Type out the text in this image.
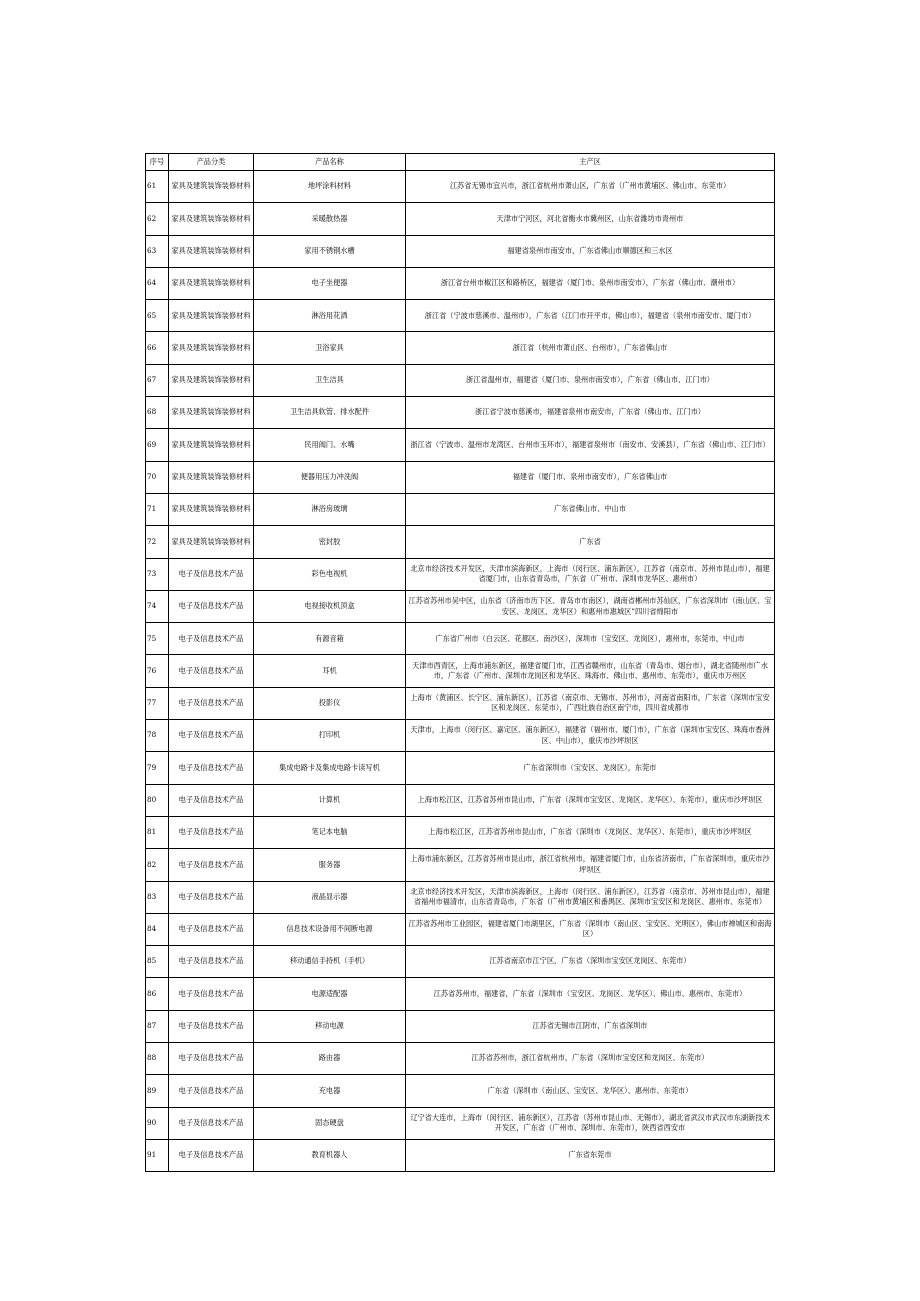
序号	产品分类	产品名称	主产区
61	家具及建筑装饰装修材料	地坪涂料材料	江苏省无锡市宜兴市，浙江省杭州市萧山区，广东省（广州市黄埔区、佛山市、东莞市）
62	家具及建筑装饰装修材料	采暖散热器	天津市宁河区，河北省衡水市冀州区，山东省潍坊市青州市
63	家具及建筑装饰装修材料	家用不锈钢水槽	福建省泉州市南安市，广东省佛山市顺德区和三水区
64	家具及建筑装饰装修材料	电子坐便器	浙江省台州市椒江区和路桥区，福建省（厦门市、泉州市南安市），广东省（佛山市、潮州市）
65	家具及建筑装饰装修材料	淋浴用花洒	浙江省（宁波市慈溪市、温州市），广东省（江门市开平市、佛山市），福建省（泉州市南安市、厦门市）
66	家具及建筑装饰装修材料	卫浴家具	浙江省（杭州市萧山区、台州市），广东省佛山市
67	家具及建筑装饰装修材料	卫生洁具	浙江省温州市，福建省（厦门市、泉州市南安市），广东省（佛山市、江门市）
68	家具及建筑装饰装修材料	卫生洁具软管、排水配件	浙江省宁波市慈溪市，福建省泉州市南安市，广东省（佛山市、江门市）
69	家具及建筑装饰装修材料	民用阀门、水嘴	浙江省（宁波市、温州市龙湾区、台州市玉环市），福建省泉州市（南安市、安溪县），广东省（佛山市、江门市）
70	家具及建筑装饰装修材料	便器用压力冲洗阀	福建省（厦门市、泉州市南安市），广东省佛山市
71	家具及建筑装饰装修材料	淋浴房玻璃	广东省佛山市、中山市
72	家具及建筑装饰装修材料	密封胶	广东省
73	电子及信息技术产品	彩色电视机	北京市经济技术开发区，天津市滨海新区，上海市（闵行区、浦东新区），江苏省（南京市、苏州市昆山市），福建省厦门市，山东省青岛市，广东省（广州市、深圳市龙华区、惠州市）
74	电子及信息技术产品	电视接收机顶盒	江苏省苏州市吴中区，山东省（济南市历下区、青岛市市南区），湖南省郴州市苏仙区，广东省深圳市（南山区、宝安区、龙岗区、龙华区）和惠州市惠城区”四川省绵阳市
75	电子及信息技术产品	有源音箱	广东省广州市（白云区、花都区、南沙区），深圳市（宝安区、龙岗区），惠州市，东莞市，中山市
76	电子及信息技术产品	耳机	天津市西青区，上海市浦东新区，福建省厦门市，江西省赣州市，山东省（青岛市、烟台市），湖北省随州市广水市，广东省（广州市、深圳市龙岗区和龙华区、珠海市、佛山市、惠州市、东莞市），重庆市万州区
77	电子及信息技术产品	投影仪	上海市（黄浦区、长宁区、浦东新区），江苏省（南京市、无锡市、苏州市），河南省南阳市，广东省（深圳市宝安区和龙岗区、东莞市），广西壮族自治区南宁市，四川省成都市
78	电子及信息技术产品	打印机	天津市，上海市（闵行区、嘉定区、浦东新区），福建省（福州市、厦门市），广东省（深圳市宝安区、珠海市香洲区、中山市），重庆市沙坪坝区
79	电子及信息技术产品	集成电路卡及集成电路卡读写机	广东省深圳市（宝安区、龙岗区），东莞市
80	电子及信息技术产品	计算机	上海市松江区，江苏省苏州市昆山市，广东省（深圳市宝安区、龙岗区、龙华区）、东莞市），重庆市沙坪坝区
81	电子及信息技术产品	笔记本电脑	上海市松江区，江苏省苏州市昆山市，广东省（深圳市（龙岗区、龙华区）、东莞市），重庆市沙坪坝区
82	电子及信息技术产品	服务器	上海市浦东新区，江苏省苏州市昆山市，浙江省杭州市，福建省厦门市，山东省济南市，广东省深圳市，重庆市沙坪坝区
83	电子及信息技术产品	液晶显示器	北京市经济技术开发区，天津市滨海新区，上海市（闵行区、浦东新区），江苏省（南京市、苏州市昆山市），福建省福州市福清市，山东省青岛市，广东省（广州市黄埔区和番禺区、深圳市宝安区和龙岗区、惠州市、东莞市）
84	电子及信息技术产品	信息技术设备用不间断电源	江苏省苏州市工业园区，福建省厦门市湖里区，广东省（深圳市（南山区、宝安区、光明区），佛山市禅城区和南海区）
85	电子及信息技术产品	移动通信手持机（手机）	江苏省南京市江宁区，广东省（深圳市宝安区龙岗区、东莞市）
86	电子及信息技术产品	电源适配器	江苏省苏州市，福建省，广东省（深圳市（宝安区、龙岗区、龙华区）、佛山市、惠州市、东莞市）
87	电子及信息技术产品	移动电源	江苏省无锡市江阴市，广东省深圳市
88	电子及信息技术产品	路由器	江苏省苏州市，浙江省杭州市，广东省（深圳市宝安区和龙岗区、东莞市）
89	电子及信息技术产品	充电器	广东省（深圳市（南山区、宝安区、龙华区）、惠州市、东莞市）
90	电子及信息技术产品	固态硬盘	辽宁省大连市，上海市（闵行区、浦东新区），江苏省（苏州市昆山市、无锡市），湖北省武汉市武汉市东湖新技术开发区，广东省（广州市、深圳市、东莞市），陕西省西安市
91	电子及信息技术产品	教育机器人	广东省东莞市
